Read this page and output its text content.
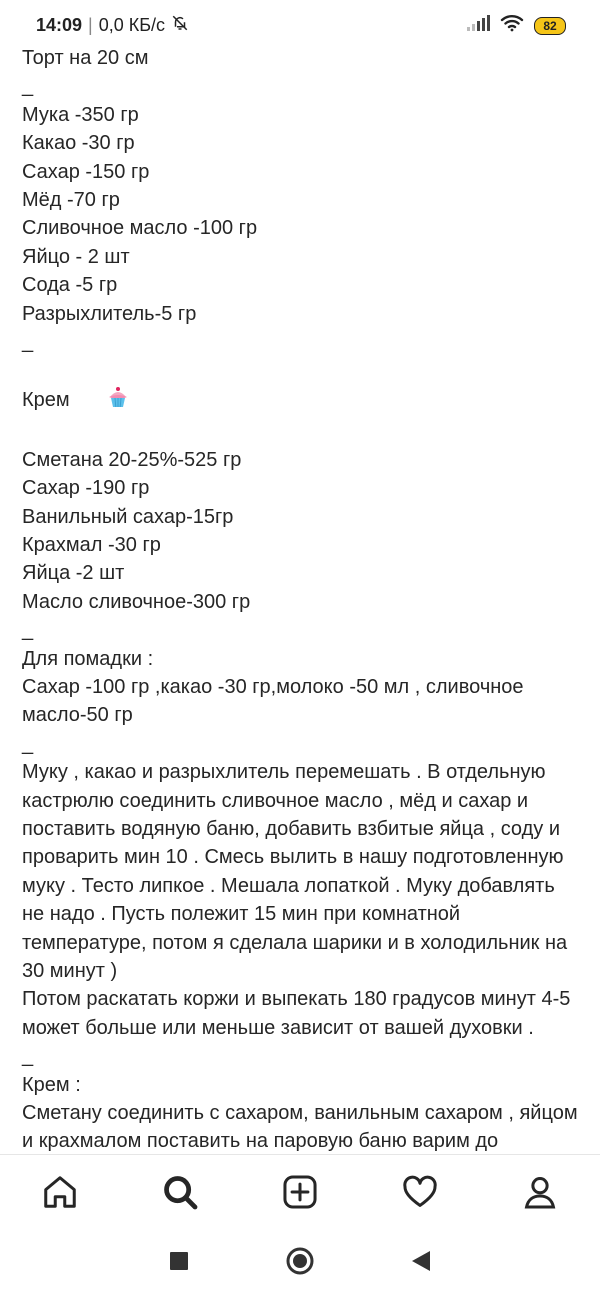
14:09 | 0,0 КБ/с	82
Торт на 20 см
_
Мука -350 гр
Какао -30 гр
Сахар -150 гр
Мёд -70 гр
Сливочное масло -100 гр
Яйцо - 2 шт
Сода -5 гр
Разрыхлитель-5 гр
_
Крем

Сметана 20-25%-525 гр
Сахар -190 гр
Ванильный сахар-15гр
Крахмал -30 гр
Яйца -2 шт
Масло сливочное-300 гр
_
Для помадки :
Сахар -100 гр ,какао -30 гр,молоко -50 мл , сливочное масло-50 гр
_
Муку , какао и разрыхлитель перемешать . В отдельную кастрюлю соединить сливочное масло , мёд и сахар и поставить водяную баню, добавить взбитые яйца , соду и проварить мин 10 . Смесь вылить в нашу подготовленную муку . Тесто липкое . Мешала лопаткой . Муку добавлять не надо . Пусть полежит 15 мин при комнатной температуре, потом я сделала шарики и в холодильник на 30 минут )
Потом раскатать коржи и выпекать 180 градусов минут 4-5 может больше или меньше зависит от вашей духовки .
_
Крем :
Сметану соединить с сахаром, ванильным сахаром , яйцом и крахмалом поставить на паровую баню варим до
